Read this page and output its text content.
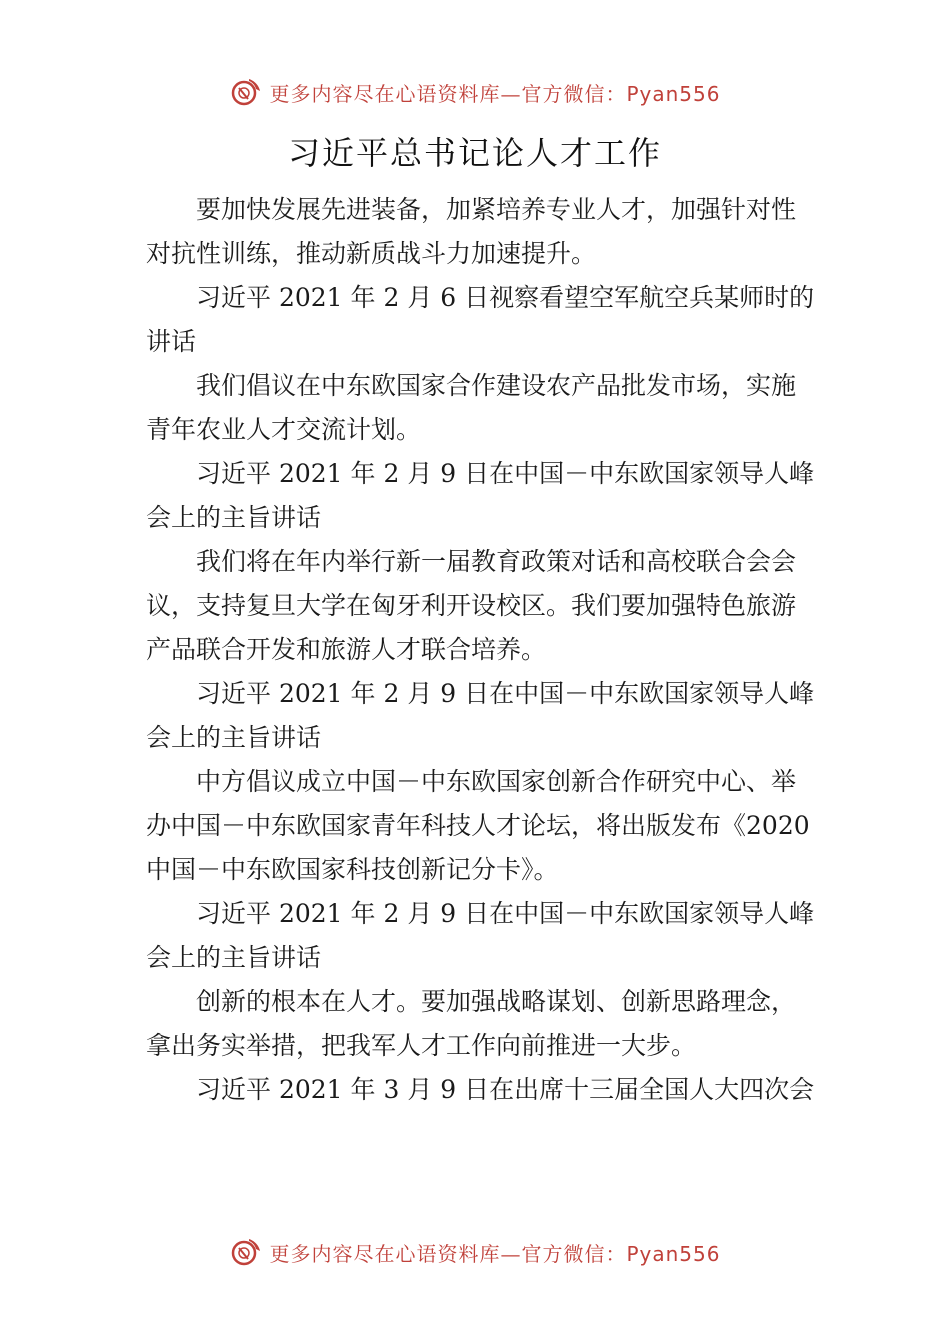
更多内容尽在心语资料库—官方微信：Pyan556
习近平总书记论人才工作

要加快发展先进装备，加紧培养专业人才，加强针对性对抗性训练，推动新质战斗力加速提升。

习近平 2021 年 2 月 6 日视察看望空军航空兵某师时的讲话

我们倡议在中东欧国家合作建设农产品批发市场，实施青年农业人才交流计划。

习近平 2021 年 2 月 9 日在中国－中东欧国家领导人峰会上的主旨讲话

我们将在年内举行新一届教育政策对话和高校联合会会议，支持复旦大学在匈牙利开设校区。我们要加强特色旅游产品联合开发和旅游人才联合培养。

习近平 2021 年 2 月 9 日在中国－中东欧国家领导人峰会上的主旨讲话

中方倡议成立中国－中东欧国家创新合作研究中心、举办中国－中东欧国家青年科技人才论坛，将出版发布《2020 中国－中东欧国家科技创新记分卡》。

习近平 2021 年 2 月 9 日在中国－中东欧国家领导人峰会上的主旨讲话

创新的根本在人才。要加强战略谋划、创新思路理念，拿出务实举措，把我军人才工作向前推进一大步。

习近平 2021 年 3 月 9 日在出席十三届全国人大四次会

更多内容尽在心语资料库—官方微信：Pyan556
